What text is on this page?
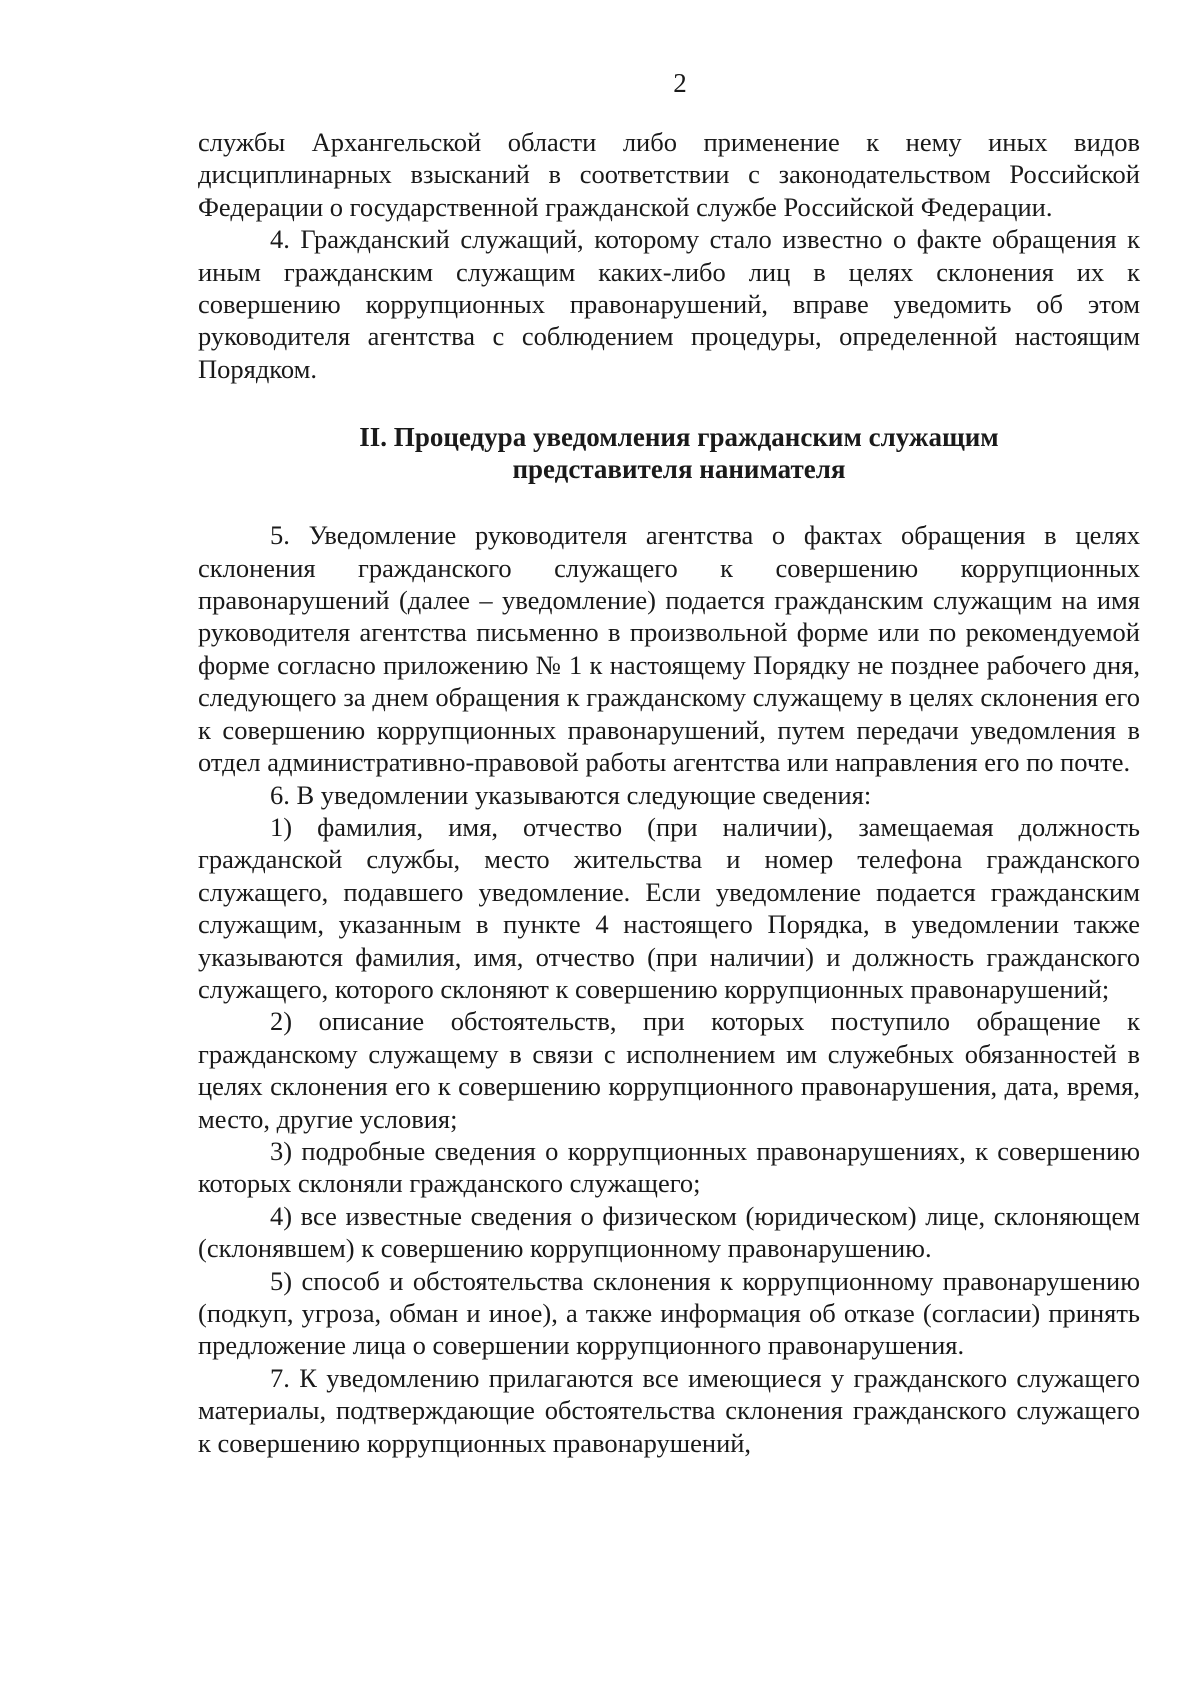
2

службы Архангельской области либо применение к нему иных видов дисциплинарных взысканий в соответствии с законодательством Российской Федерации о государственной гражданской службе Российской Федерации.

4. Гражданский служащий, которому стало известно о факте обращения к иным гражданским служащим каких-либо лиц в целях склонения их к совершению коррупционных правонарушений, вправе уведомить об этом руководителя агентства с соблюдением процедуры, определенной настоящим Порядком.

II. Процедура уведомления гражданским служащим
представителя нанимателя

5. Уведомление руководителя агентства о фактах обращения в целях склонения гражданского служащего к совершению коррупционных правонарушений (далее – уведомление) подается гражданским служащим на имя руководителя агентства письменно в произвольной форме или по рекомендуемой форме согласно приложению № 1 к настоящему Порядку не позднее рабочего дня, следующего за днем обращения к гражданскому служащему в целях склонения его к совершению коррупционных правонарушений, путем передачи уведомления в отдел административно-правовой работы агентства или направления его по почте.

6. В уведомлении указываются следующие сведения:

1) фамилия, имя, отчество (при наличии), замещаемая должность гражданской службы, место жительства и номер телефона гражданского служащего, подавшего уведомление. Если уведомление подается гражданским служащим, указанным в пункте 4 настоящего Порядка, в уведомлении также указываются фамилия, имя, отчество (при наличии) и должность гражданского служащего, которого склоняют к совершению коррупционных правонарушений;

2) описание обстоятельств, при которых поступило обращение к гражданскому служащему в связи с исполнением им служебных обязанностей в целях склонения его к совершению коррупционного правонарушения, дата, время, место, другие условия;

3) подробные сведения о коррупционных правонарушениях, к совершению которых склоняли гражданского служащего;

4) все известные сведения о физическом (юридическом) лице, склоняющем (склонявшем) к совершению коррупционному правонарушению.

5) способ и обстоятельства склонения к коррупционному правонарушению (подкуп, угроза, обман и иное), а также информация об отказе (согласии) принять предложение лица о совершении коррупционного правонарушения.

7. К уведомлению прилагаются все имеющиеся у гражданского служащего материалы, подтверждающие обстоятельства склонения гражданского служащего к совершению коррупционных правонарушений,
